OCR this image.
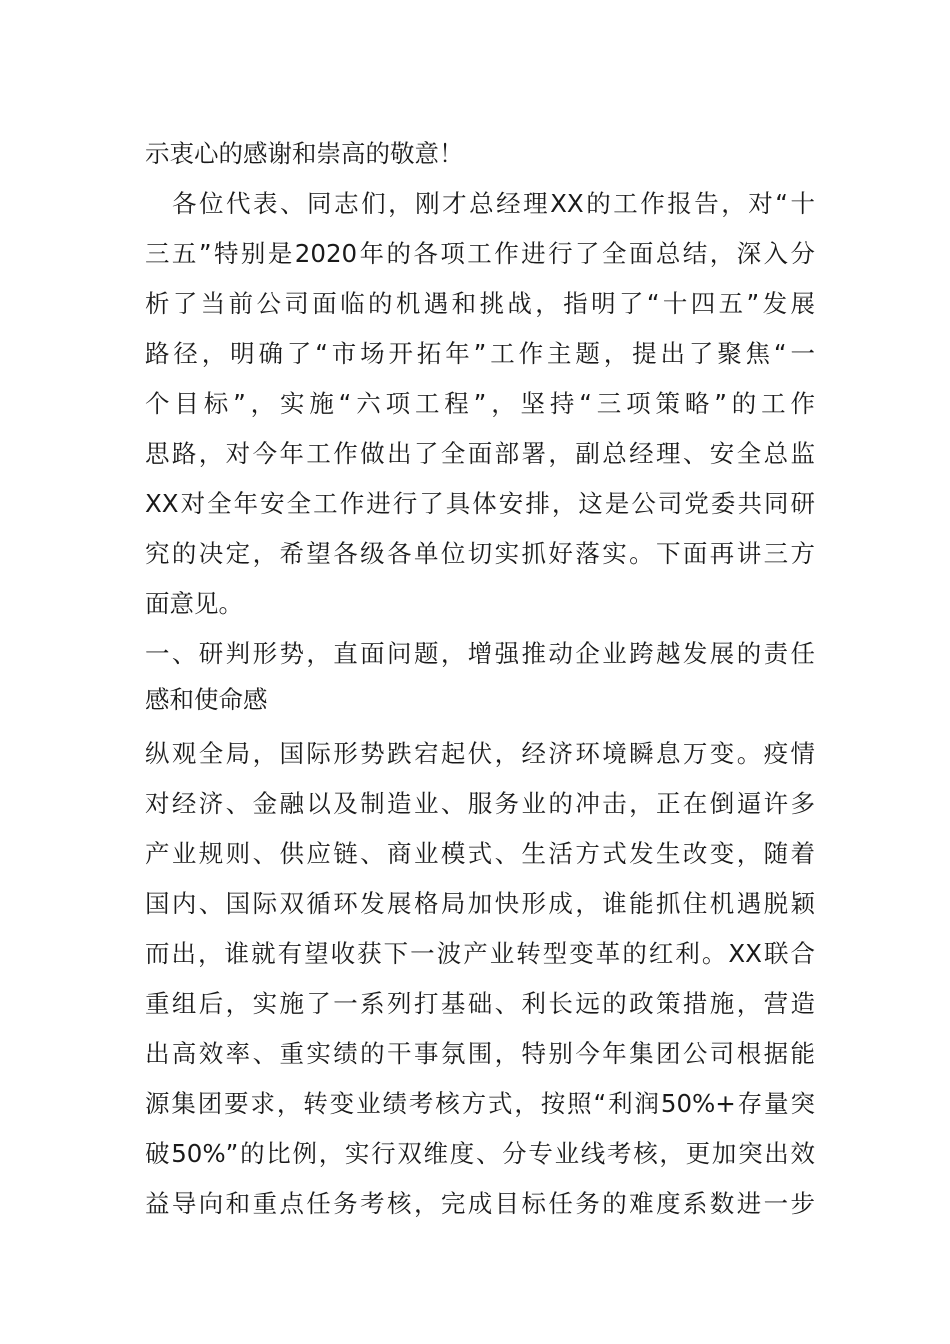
示衷心的感谢和崇高的敬意！
　各位代表、同志们，刚才总经理XX的工作报告，对“十
三五”特别是2020年的各项工作进行了全面总结，深入分
析了当前公司面临的机遇和挑战，指明了“十四五”发展
路径，明确了“市场开拓年”工作主题，提出了聚焦“一
个目标”，实施“六项工程”，坚持“三项策略”的工作
思路，对今年工作做出了全面部署，副总经理、安全总监
XX对全年安全工作进行了具体安排，这是公司党委共同研
究的决定，希望各级各单位切实抓好落实。下面再讲三方
面意见。
一、研判形势，直面问题，增强推动企业跨越发展的责任
感和使命感
纵观全局，国际形势跌宕起伏，经济环境瞬息万变。疫情
对经济、金融以及制造业、服务业的冲击，正在倒逼许多
产业规则、供应链、商业模式、生活方式发生改变，随着
国内、国际双循环发展格局加快形成，谁能抓住机遇脱颖
而出，谁就有望收获下一波产业转型变革的红利。XX联合
重组后，实施了一系列打基础、利长远的政策措施，营造
出高效率、重实绩的干事氛围，特别今年集团公司根据能
源集团要求，转变业绩考核方式，按照“利润50%+存量突
破50%”的比例，实行双维度、分专业线考核，更加突出效
益导向和重点任务考核，完成目标任务的难度系数进一步
